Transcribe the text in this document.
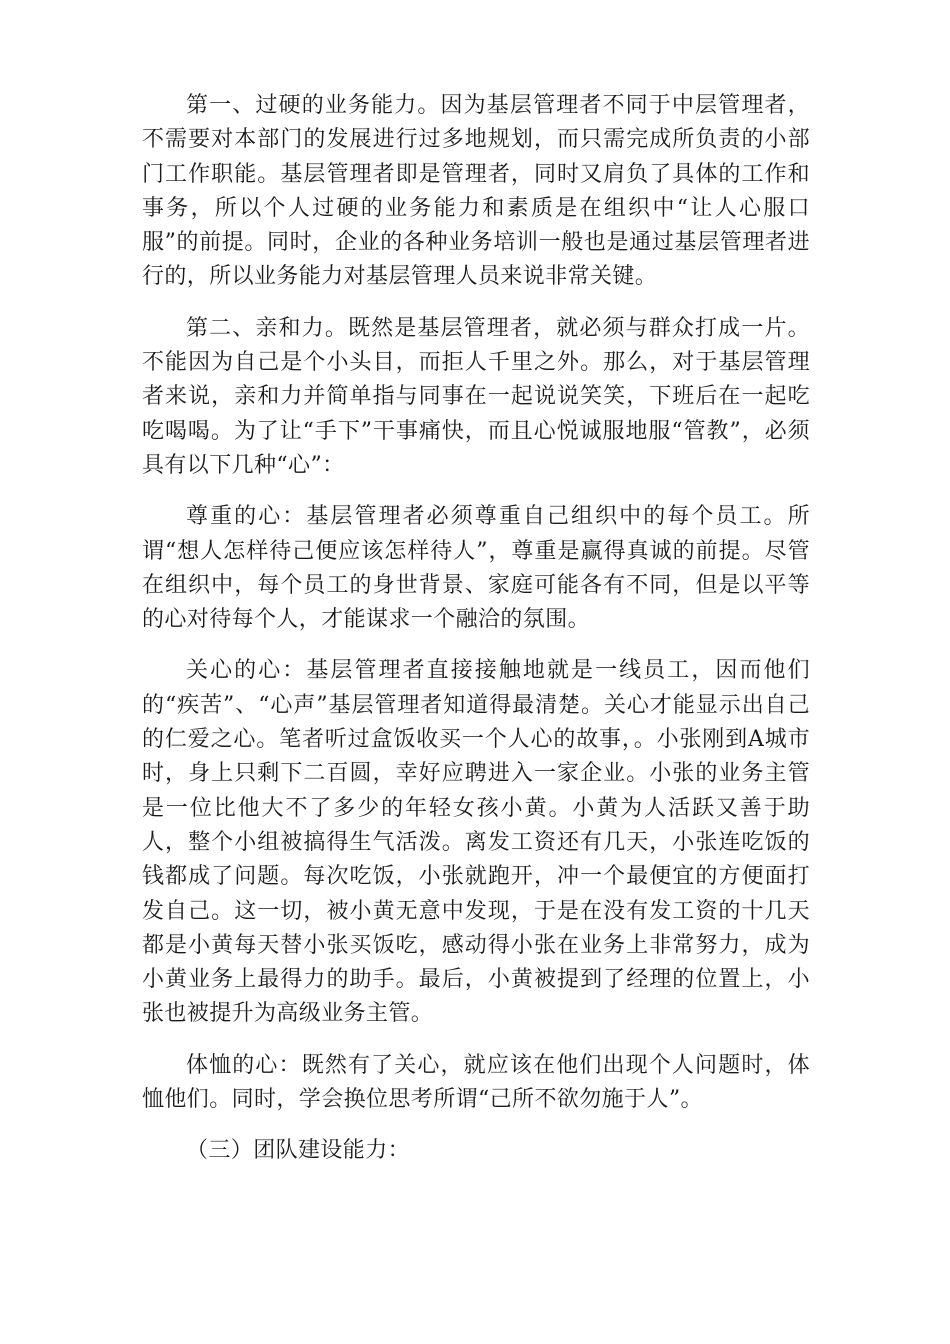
第一、过硬的业务能力。因为基层管理者不同于中层管理者，不需要对本部门的发展进行过多地规划，而只需完成所负责的小部门工作职能。基层管理者即是管理者，同时又肩负了具体的工作和事务，所以个人过硬的业务能力和素质是在组织中“让人心服口服”的前提。同时，企业的各种业务培训一般也是通过基层管理者进行的，所以业务能力对基层管理人员来说非常关键。

第二、亲和力。既然是基层管理者，就必须与群众打成一片。不能因为自己是个小头目，而拒人千里之外。那么，对于基层管理者来说，亲和力并简单指与同事在一起说说笑笑，下班后在一起吃吃喝喝。为了让“手下”干事痛快，而且心悦诚服地服“管教”，必须具有以下几种“心”：

尊重的心：基层管理者必须尊重自己组织中的每个员工。所谓“想人怎样待己便应该怎样待人”，尊重是赢得真诚的前提。尽管在组织中，每个员工的身世背景、家庭可能各有不同，但是以平等的心对待每个人，才能谋求一个融洽的氛围。

关心的心：基层管理者直接接触地就是一线员工，因而他们的“疾苦”、“心声”基层管理者知道得最清楚。关心才能显示出自己的仁爱之心。笔者听过盒饭收买一个人心的故事，。小张刚到A城市时，身上只剩下二百圆，幸好应聘进入一家企业。小张的业务主管是一位比他大不了多少的年轻女孩小黄。小黄为人活跃又善于助人，整个小组被搞得生气活泼。离发工资还有几天，小张连吃饭的钱都成了问题。每次吃饭，小张就跑开，冲一个最便宜的方便面打发自己。这一切，被小黄无意中发现，于是在没有发工资的十几天都是小黄每天替小张买饭吃，感动得小张在业务上非常努力，成为小黄业务上最得力的助手。最后，小黄被提到了经理的位置上，小张也被提升为高级业务主管。

体恤的心：既然有了关心，就应该在他们出现个人问题时，体恤他们。同时，学会换位思考所谓“己所不欲勿施于人”。

（三）团队建设能力：
